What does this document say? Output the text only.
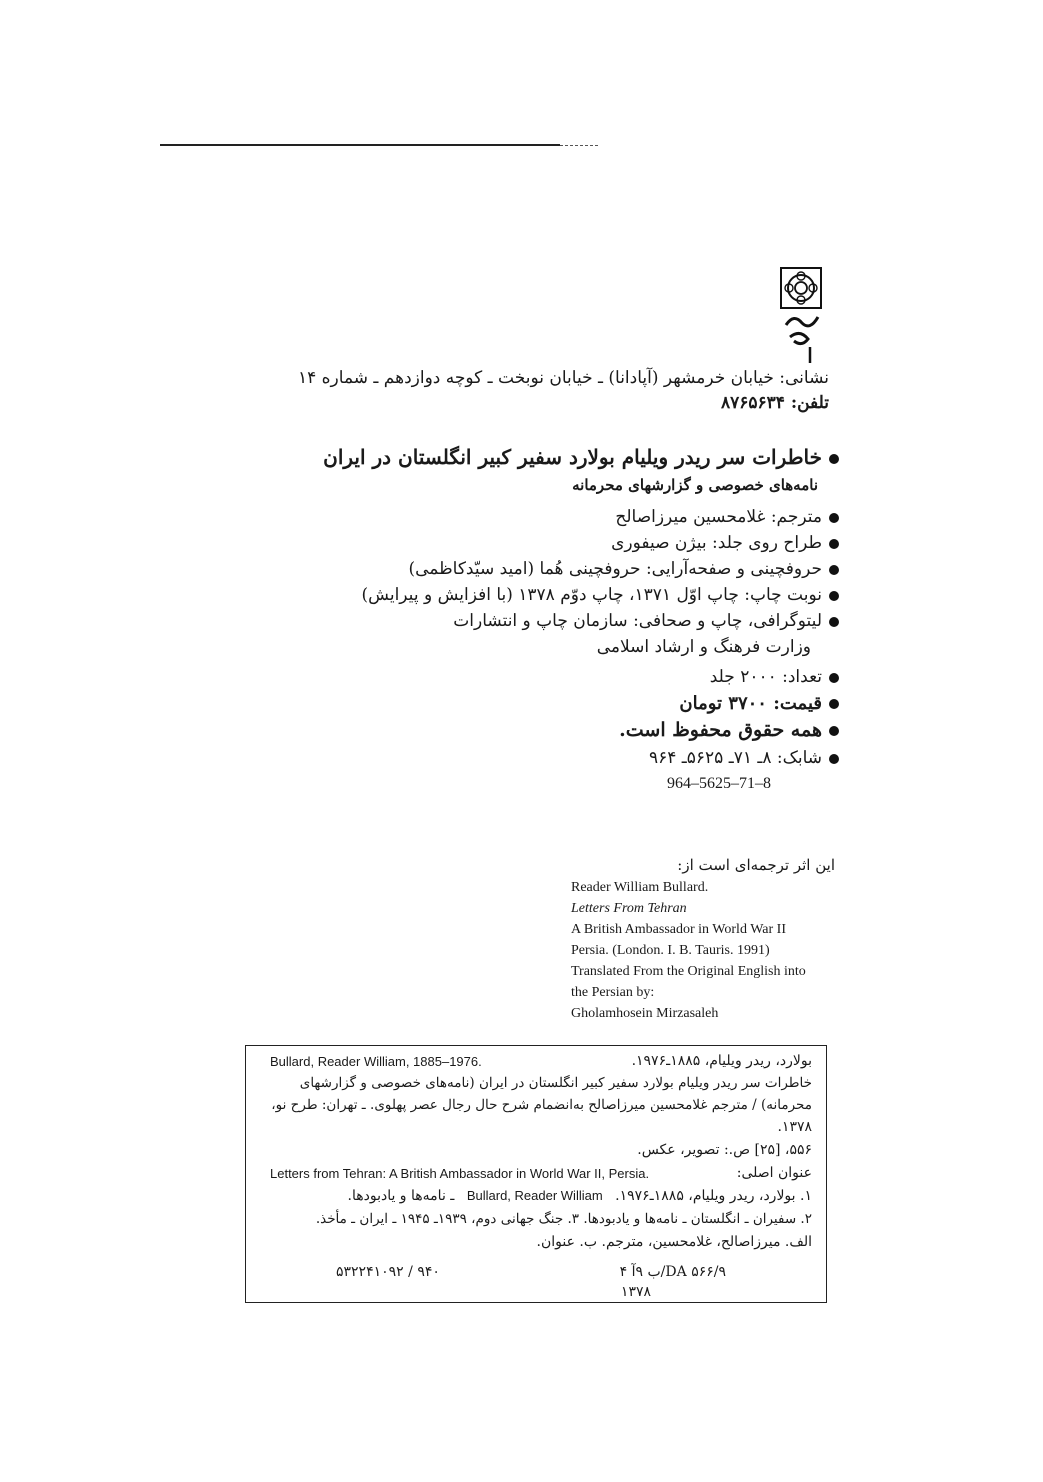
نشانی: خیابان خرمشهر (آپادانا) ـ خیابان نوبخت ـ کوچه دوازدهم ـ شماره ۱۴
تلفن: ۸۷۶۵۶۳۴
خاطرات سر ریدر ویلیام بولارد سفیر کبیر انگلستان در ایران
نامه‌های خصوصی و گزارشهای محرمانه
مترجم: غلامحسین میرزاصالح
طراح روی جلد: بیژن صیفوری
حروفچینی و صفحه‌آرایی: حروفچینی هُما (امید سیّدکاظمی)
نوبت چاپ: چاپ اوّل ۱۳۷۱، چاپ دوّم ۱۳۷۸ (با افزایش و پیرایش)
لیتوگرافی، چاپ و صحافی: سازمان چاپ و انتشارات
وزارت فرهنگ و ارشاد اسلامی
تعداد: ۲۰۰۰ جلد
قیمت: ۳۷۰۰ تومان
همه حقوق محفوظ است.
شابک: ۸ـ ۷۱ـ ۵۶۲۵ـ ۹۶۴
964–5625–71–8
این اثر ترجمه‌ای است از:
Reader William Bullard.
Letters From Tehran
A British Ambassador in World War II
Persia. (London. I. B. Tauris. 1991)
Translated From the Original English into
the Persian by:
Gholamhosein Mirzasaleh
Bullard, Reader William, 1885–1976.	بولارد، ریدر ویلیام، ۱۸۸۵ـ۱۹۷۶.
خاطرات سر ریدر ویلیام بولارد سفیر کبیر انگلستان در ایران (نامه‌های خصوصی و گزارشهای
محرمانه) / مترجم غلامحسین میرزاصالح به‌انضمام شرح حال رجال عصر پهلوی. ـ تهران: طرح نو،
۱۳۷۸.
۵۵۶، [۲۵] ص.: تصویر، عکس.
Letters from Tehran: A British Ambassador in World War II, Persia.	عنوان اصلی:
۱. بولارد، ریدر ویلیام، ۱۸۸۵ـ۱۹۷۶. Bullard, Reader William ـ نامه‌ها و یادبودها.
۲. سفیران ـ انگلستان ـ نامه‌ها و یادبودها. ۳. جنگ جهانی دوم، ۱۹۳۹ـ ۱۹۴۵ ـ ایران ـ مأخذ.
الف. میرزاصالح، غلامحسین، مترجم. ب. عنوان.
۹۴۰ / ۵۳۲۲۴۱۰۹۲	DA ۵۶۶/۹/ب ۹آ ۴
۱۳۷۸
